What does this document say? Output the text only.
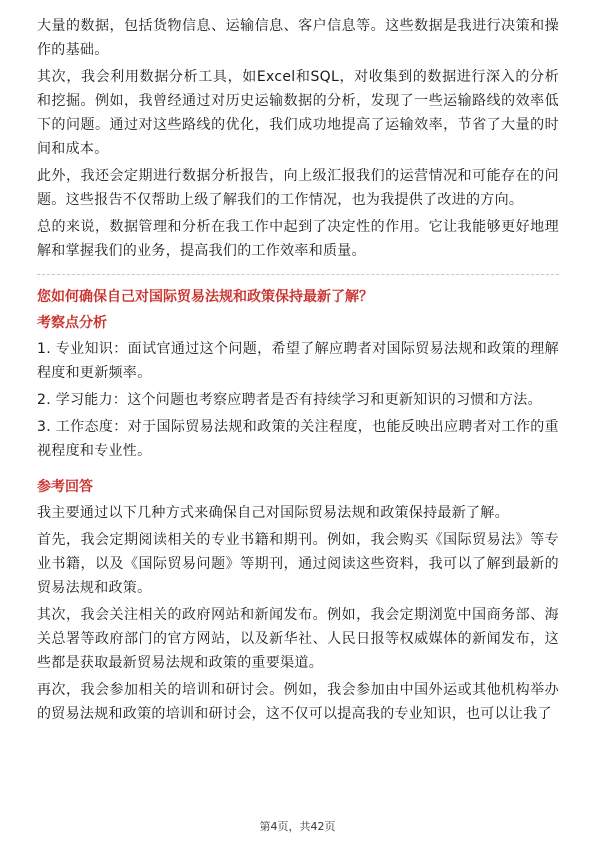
大量的数据，包括货物信息、运输信息、客户信息等。这些数据是我进行决策和操作的基础。

其次，我会利用数据分析工具，如Excel和SQL，对收集到的数据进行深入的分析和挖掘。例如，我曾经通过对历史运输数据的分析，发现了一些运输路线的效率低下的问题。通过对这些路线的优化，我们成功地提高了运输效率，节省了大量的时间和成本。

此外，我还会定期进行数据分析报告，向上级汇报我们的运营情况和可能存在的问题。这些报告不仅帮助上级了解我们的工作情况，也为我提供了改进的方向。

总的来说，数据管理和分析在我工作中起到了决定性的作用。它让我能够更好地理解和掌握我们的业务，提高我们的工作效率和质量。

您如何确保自己对国际贸易法规和政策保持最新了解？

考察点分析

1. 专业知识：面试官通过这个问题，希望了解应聘者对国际贸易法规和政策的理解程度和更新频率。

2. 学习能力：这个问题也考察应聘者是否有持续学习和更新知识的习惯和方法。

3. 工作态度：对于国际贸易法规和政策的关注程度，也能反映出应聘者对工作的重视程度和专业性。

参考回答

我主要通过以下几种方式来确保自己对国际贸易法规和政策保持最新了解。

首先，我会定期阅读相关的专业书籍和期刊。例如，我会购买《国际贸易法》等专业书籍，以及《国际贸易问题》等期刊，通过阅读这些资料，我可以了解到最新的贸易法规和政策。

其次，我会关注相关的政府网站和新闻发布。例如，我会定期浏览中国商务部、海关总署等政府部门的官方网站，以及新华社、人民日报等权威媒体的新闻发布，这些都是获取最新贸易法规和政策的重要渠道。

再次，我会参加相关的培训和研讨会。例如，我会参加由中国外运或其他机构举办的贸易法规和政策的培训和研讨会，这不仅可以提高我的专业知识，也可以让我了

第4页，共42页
